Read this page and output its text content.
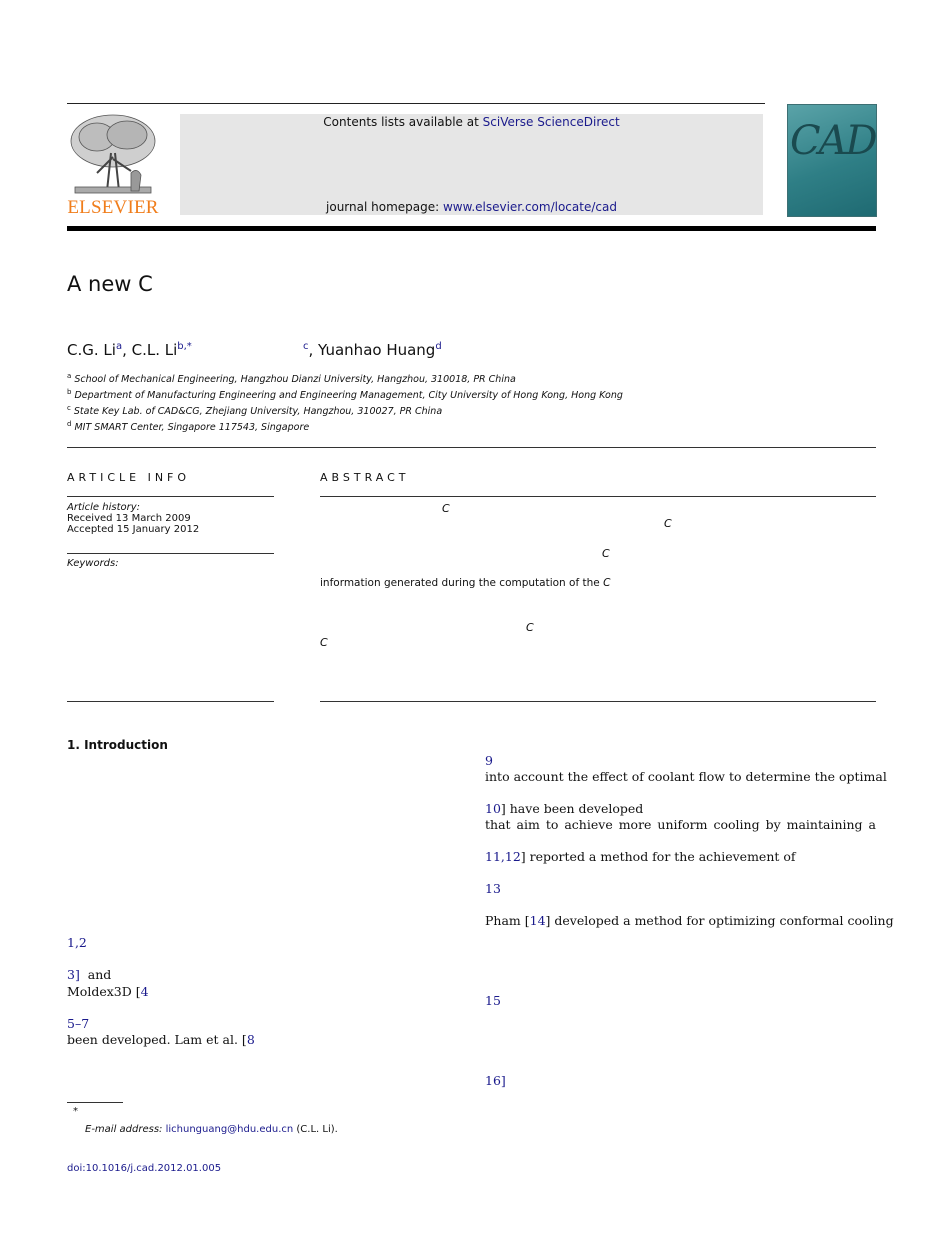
ELSEVIER
Contents lists available at SciVerse ScienceDirect
journal homepage: www.elsevier.com/locate/cad
CAD
A new C
C.G. Li$^a$, C.L. $Li^{b,*}$	$^c$, Yuanhao Huang$^d$
$^a$ School of Mechanical Engineering, Hangzhou Dianzi University, Hangzhou, 310018, PR China
$^b$ Department of Manufacturing Engineering and Engineering Management, City University of Hong Kong, Hong Kong
$^c$ State Key Lab. of CAD&CG, Zhejiang University, Hangzhou, 310027, PR China
$^d$ MIT SMART Center, Singapore 117543, Singapore
ARTICLE INFO
Article history:
Received 13 March 2009
Accepted 15 January 2012
Keywords:
ABSTRACT
C
C
C
information generated during the computation of the C
C
C
1. Introduction
1,2
3] and
Moldex3D [4
5–7
been developed. Lam et al. [8
9
into account the effect of coolant flow to determine the optimal
10] have been developed
that aim to achieve more uniform cooling by maintaining a
11,12] reported a method for the achievement of
13
Pham [14 ] developed a method for optimizing conformal cooling
15
16]
*
E-mail address: lichunguang@hdu.edu.cn (C.L. Li).
doi:10.1016/j.cad.2012.01.005
